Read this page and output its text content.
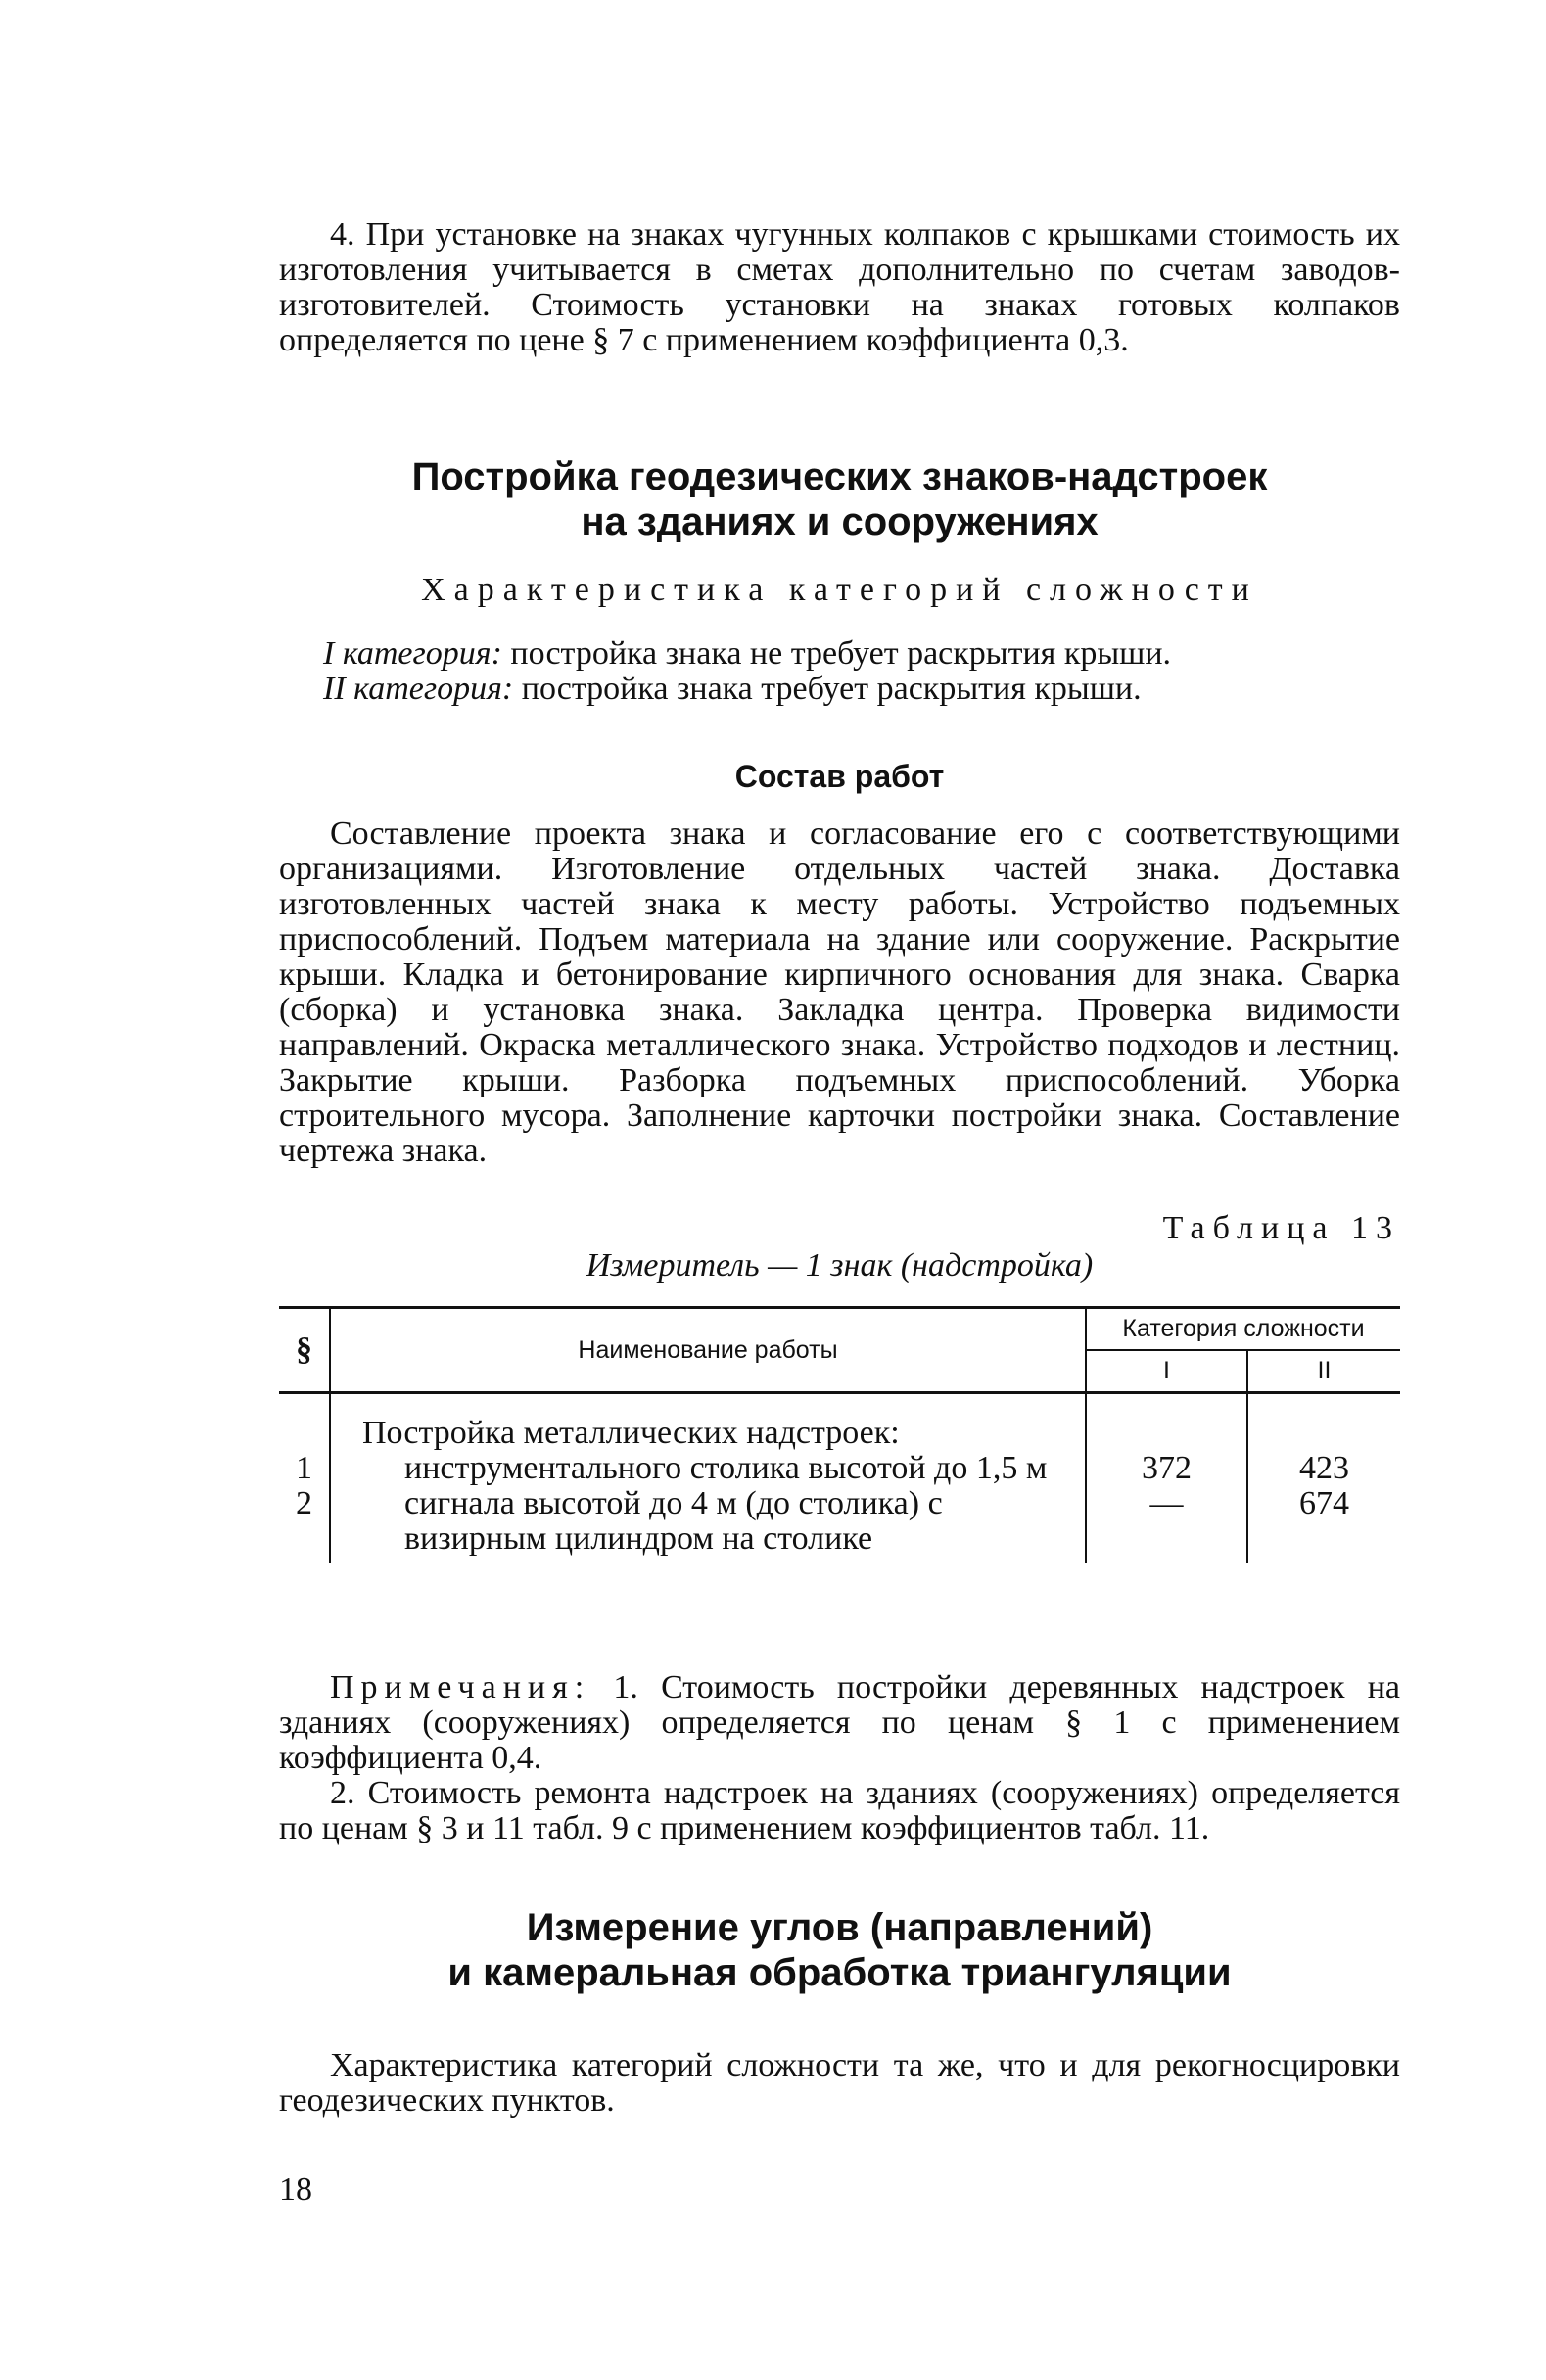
4. При установке на знаках чугунных колпаков с крышками стоимость их изготовления учитывается в сметах дополнительно по счетам заводов-изготовителей. Стоимость установки на знаках готовых колпаков определяется по цене § 7 с применением коэффициента 0,3.

Постройка геодезических знаков-надстроек

на зданиях и сооружениях

Характеристика категорий сложности

I категория: постройка знака не требует раскрытия крыши.

II категория: постройка знака требует раскрытия крыши.

Состав работ

Составление проекта знака и согласование его с соответствующими организациями. Изготовление отдельных частей знака. Доставка изготовленных частей знака к месту работы. Устройство подъемных приспособлений. Подъем материала на здание или сооружение. Раскрытие крыши. Кладка и бетонирование кирпичного основания для знака. Сварка (сборка) и установка знака. Закладка центра. Проверка видимости направлений. Окраска металлического знака. Устройство подходов и лестниц. Закрытие крыши. Разборка подъемных приспособлений. Уборка строительного мусора. Заполнение карточки постройки знака. Составление чертежа знака.

Таблица 13
Измеритель — 1 знак (надстройка)
§	Наименование работы	Категория сложности	
		I	II
	Постройка металлических надстроек:		
1	инструментального столика высотой до 1,5 м	372	423
2	сигнала высотой до 4 м (до столика) с визирным цилиндром на столике	—	674

Примечания: 1. Стоимость постройки деревянных надстроек на зданиях (сооружениях) определяется по ценам § 1 с применением коэффициента 0,4.

2. Стоимость ремонта надстроек на зданиях (сооружениях) определяется по ценам § 3 и 11 табл. 9 с применением коэффициентов табл. 11.

Измерение углов (направлений)

и камеральная обработка триангуляции

Характеристика категорий сложности та же, что и для рекогносцировки геодезических пунктов.

18
